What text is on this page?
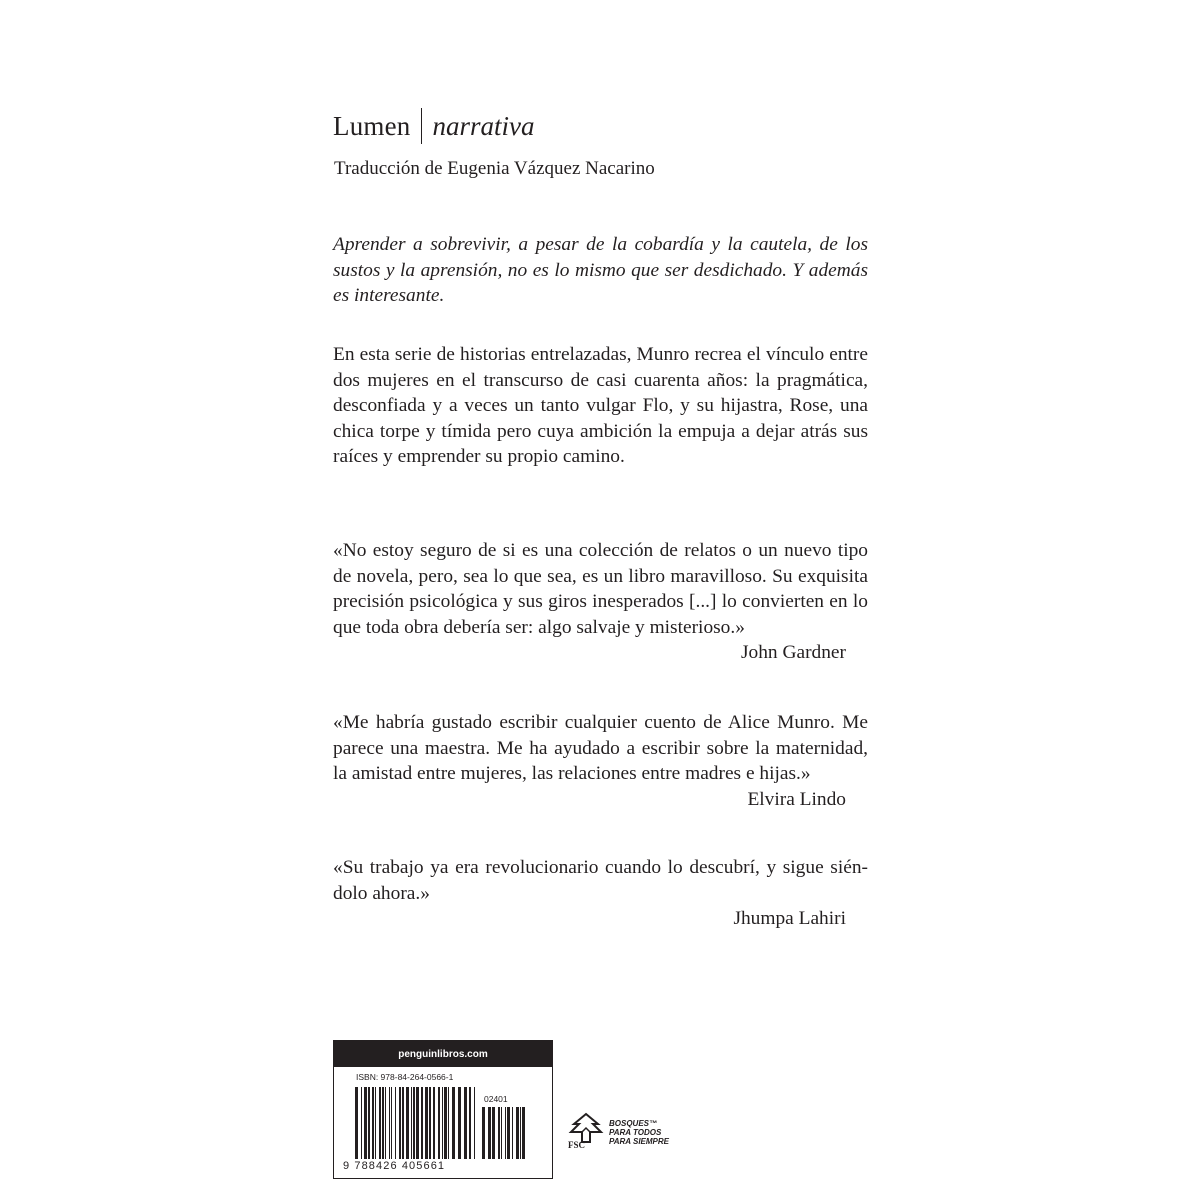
Lumen narrativa
Traducción de Eugenia Vázquez Nacarino
Aprender a sobrevivir, a pesar de la cobardía y la cautela, de los sustos y la aprensión, no es lo mismo que ser desdichado. Y además es interesante.
En esta serie de historias entrelazadas, Munro recrea el vínculo entre dos mujeres en el transcurso de casi cuarenta años: la pragmática, desconfiada y a veces un tanto vulgar Flo, y su hijastra, Rose, una chica torpe y tímida pero cuya ambición la empuja a dejar atrás sus raíces y emprender su propio camino.
«No estoy seguro de si es una colección de relatos o un nuevo tipo de novela, pero, sea lo que sea, es un libro maravilloso. Su exquisita precisión psicológica y sus giros inesperados [...] lo convierten en lo que toda obra debería ser: algo salvaje y misterioso.»
John Gardner
«Me habría gustado escribir cualquier cuento de Alice Munro. Me parece una maestra. Me ha ayudado a escribir sobre la maternidad, la amistad entre mujeres, las relaciones entre madres e hijas.»
Elvira Lindo
«Su trabajo ya era revolucionario cuando lo descubrí, y sigue siéndolo ahora.»
Jhumpa Lahiri
penguinlibros.com
ISBN: 978-84-264-0566-1
02401
9 788426 405661
FSC
BOSQUES™
PARA TODOS
PARA SIEMPRE
